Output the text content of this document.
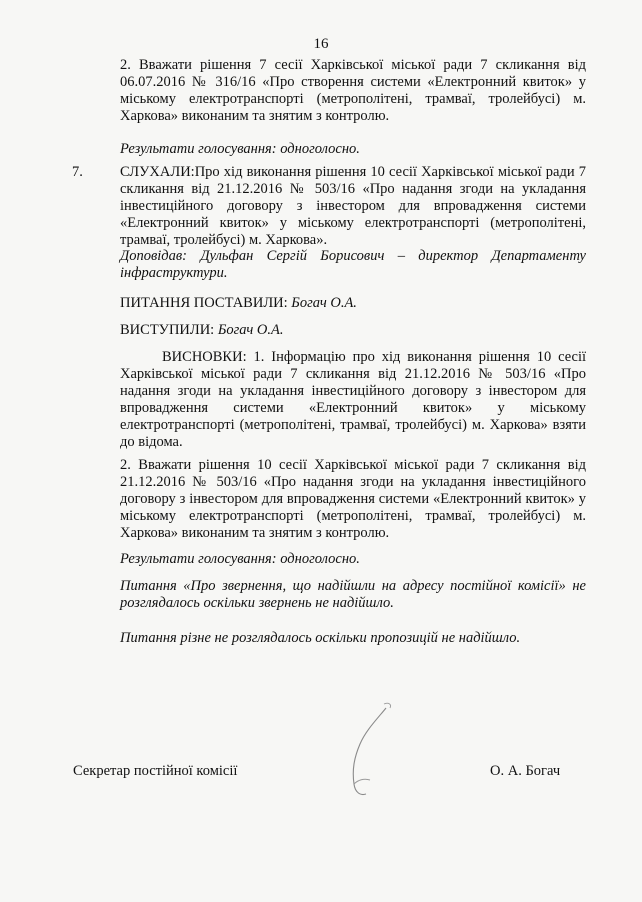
16

2. Вважати рішення 7 сесії Харківської міської ради 7 скликання від 06.07.2016 № 316/16 «Про створення системи «Електронний квиток» у міському електротранспорті (метрополітені, трамваї, тролейбусі) м. Харкова» виконаним та знятим з контролю.

Результати голосування: одноголосно.

7.	СЛУХАЛИ:Про хід виконання рішення 10 сесії Харківської міської ради 7 скликання від 21.12.2016 № 503/16 «Про надання згоди на укладання інвестиційного договору з інвестором для впровадження системи «Електронний квиток» у міському електротранспорті (метрополітені, трамваї, тролейбусі) м. Харкова».

Доповідав: Дульфан Сергій Борисович – директор Департаменту інфраструктури.

ПИТАННЯ ПОСТАВИЛИ: Богач О.А.

ВИСТУПИЛИ: Богач О.А.

ВИСНОВКИ: 1. Інформацію про хід виконання рішення 10 сесії Харківської міської ради 7 скликання від 21.12.2016 № 503/16 «Про надання згоди на укладання інвестиційного договору з інвестором для впровадження системи «Електронний квиток» у міському електротранспорті (метрополітені, трамваї, тролейбусі) м. Харкова» взяти до відома.

2. Вважати рішення 10 сесії Харківської міської ради 7 скликання від 21.12.2016 № 503/16 «Про надання згоди на укладання інвестиційного договору з інвестором для впровадження системи «Електронний квиток» у міському електротранспорті (метрополітені, трамваї, тролейбусі) м. Харкова» виконаним та знятим з контролю.

Результати голосування: одноголосно.

Питання «Про звернення, що надійшли на адресу постійної комісії» не розглядалось оскільки звернень не надійшло.

Питання різне не розглядалось оскільки пропозицій не надійшло.

Секретар постійної комісії	О. А. Богач
